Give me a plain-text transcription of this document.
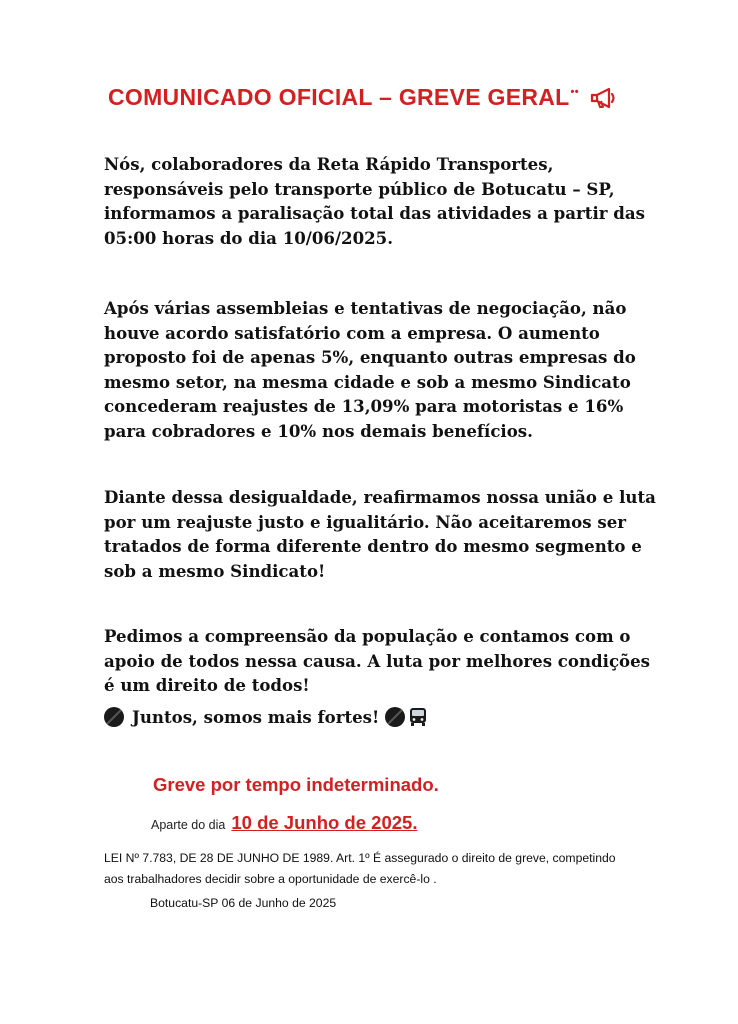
COMUNICADO OFICIAL – GREVE GERAL ••

Nós, colaboradores da Reta Rápido Transportes, responsáveis pelo transporte público de Botucatu – SP, informamos a paralisação total das atividades a partir das 05:00 horas do dia 10/06/2025.

Após várias assembleias e tentativas de negociação, não houve acordo satisfatório com a empresa. O aumento proposto foi de apenas 5%, enquanto outras empresas do mesmo setor, na mesma cidade e sob a mesmo Sindicato concederam reajustes de 13,09% para motoristas e 16% para cobradores e 10% nos demais benefícios.

Diante dessa desigualdade, reafirmamos nossa união e luta por um reajuste justo e igualitário. Não aceitaremos ser tratados de forma diferente dentro do mesmo segmento e sob a mesmo Sindicato!

Pedimos a compreensão da população e contamos com o apoio de todos nessa causa. A luta por melhores condições é um direito de todos!

Juntos, somos mais fortes!
Greve por tempo indeterminado.
Aparte do dia 10 de Junho de 2025.
LEI Nº 7.783, DE 28 DE JUNHO DE 1989. Art. 1º É assegurado o direito de greve, competindo aos trabalhadores decidir sobre a oportunidade de exercê-lo .
Botucatu-SP 06 de Junho de 2025
